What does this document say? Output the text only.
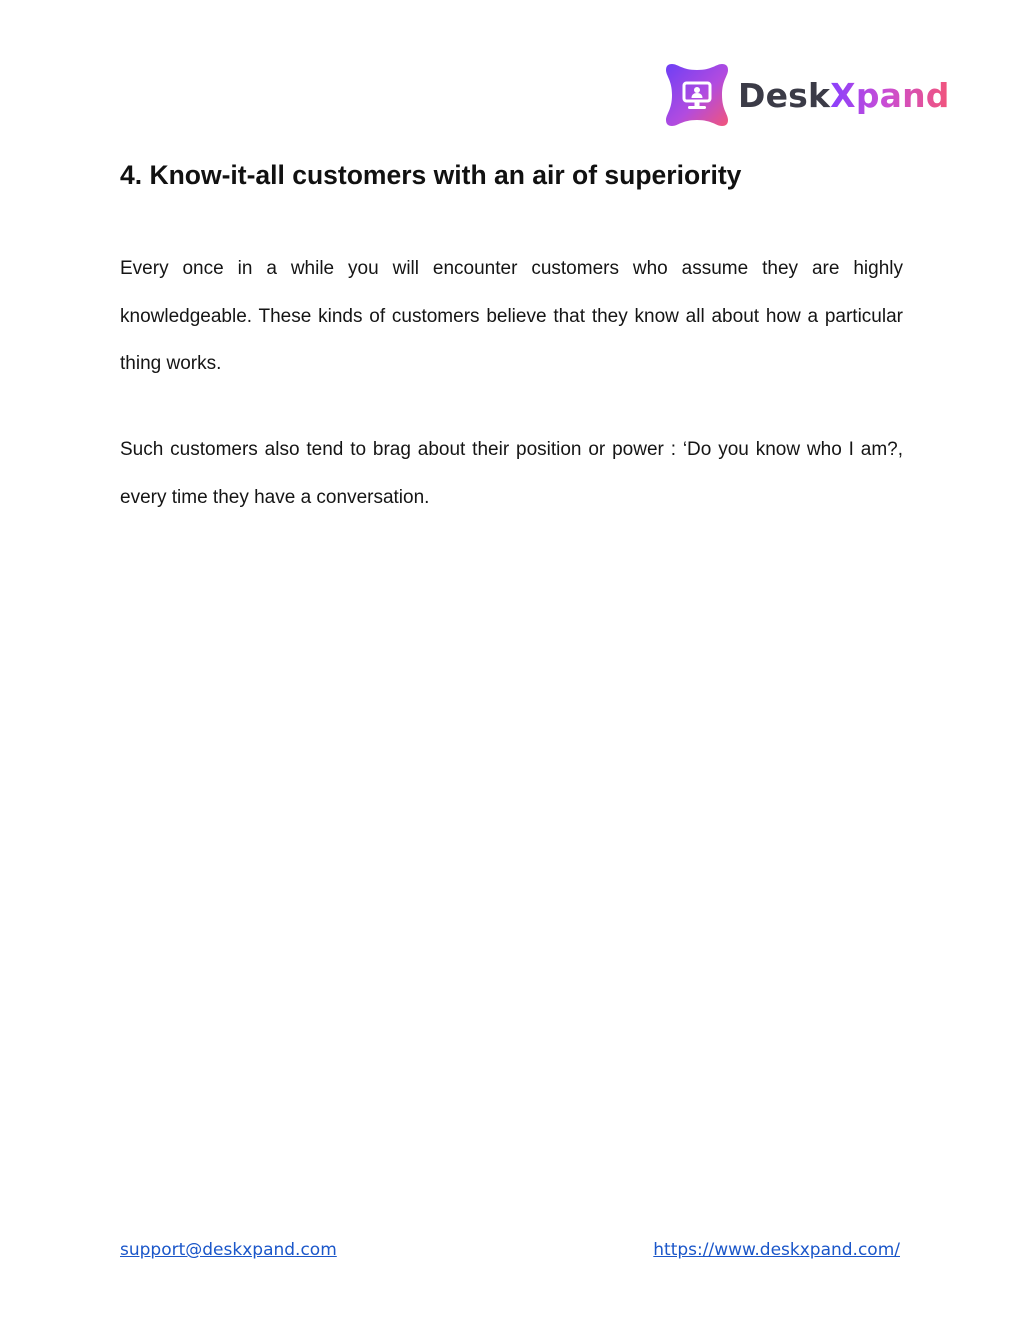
DeskXpand
4. Know-it-all customers with an air of superiority

Every once in a while you will encounter customers who assume they are highly knowledgeable. These kinds of customers believe that they know all about how a particular thing works.

Such customers also tend to brag about their position or power : ‘Do you know who I am?, every time they have a conversation.

support@deskxpand.com	https://www.deskxpand.com/
